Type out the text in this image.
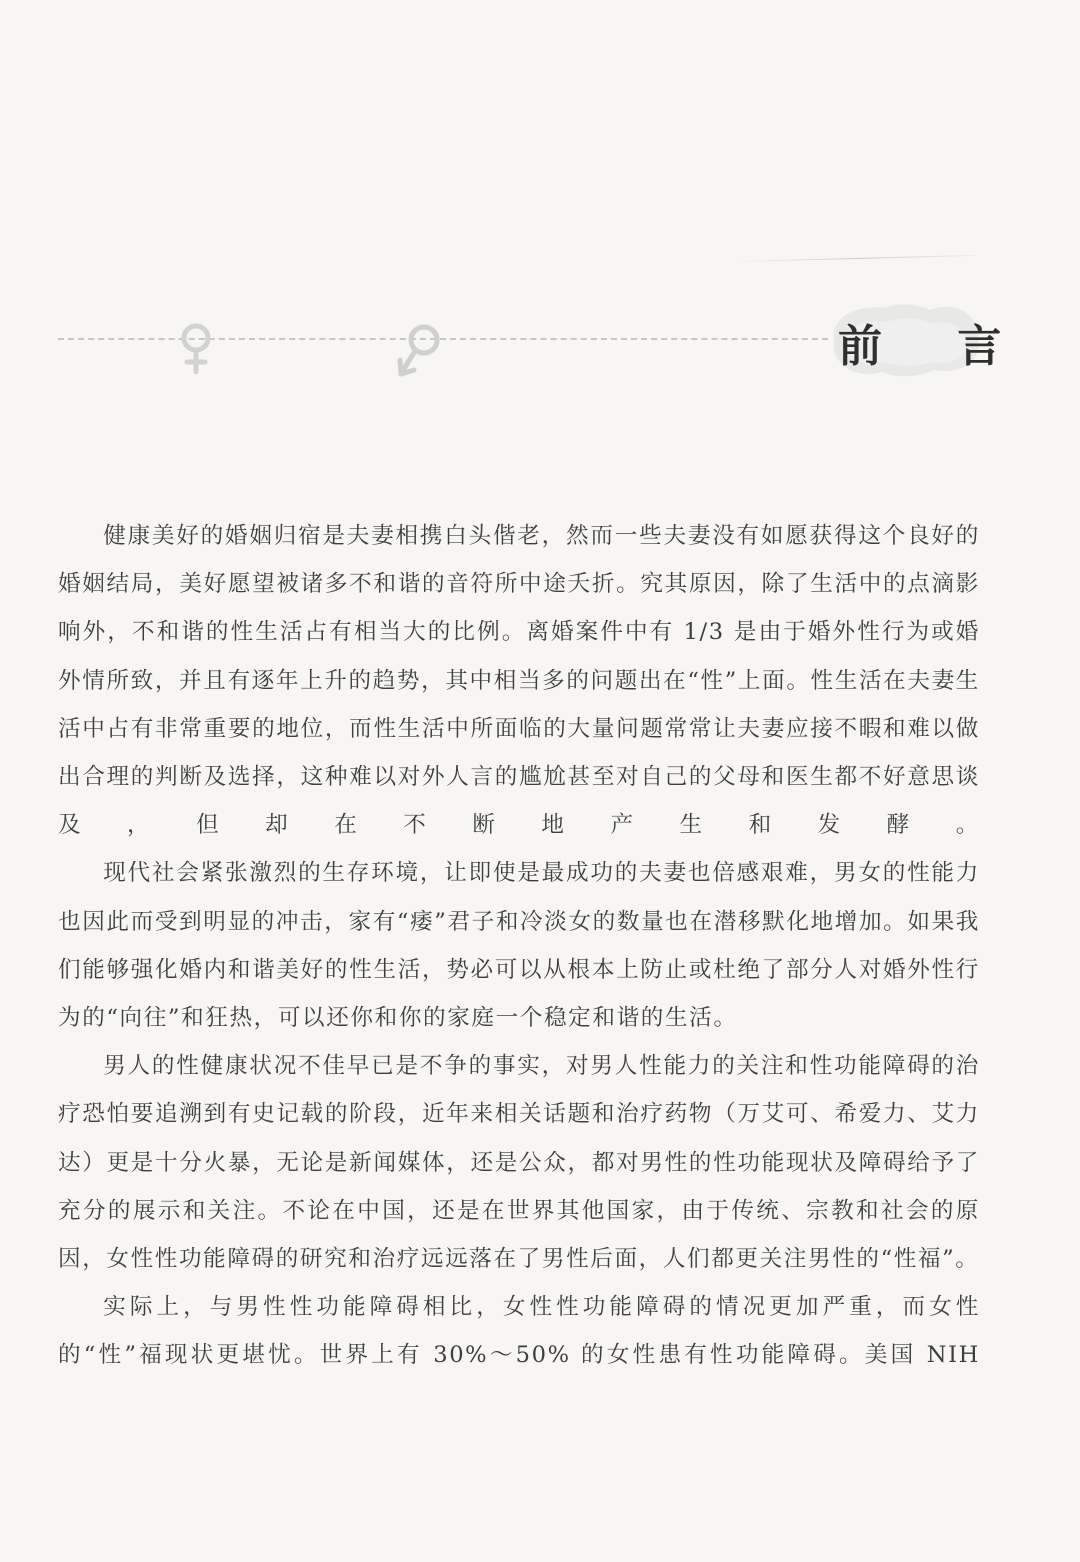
前 言

健康美好的婚姻归宿是夫妻相携白头偕老，然而一些夫妻没有如愿获得这个良好的婚姻结局，美好愿望被诸多不和谐的音符所中途夭折。究其原因，除了生活中的点滴影响外，不和谐的性生活占有相当大的比例。离婚案件中有 1/3 是由于婚外性行为或婚外情所致，并且有逐年上升的趋势，其中相当多的问题出在“性”上面。性生活在夫妻生活中占有非常重要的地位，而性生活中所面临的大量问题常常让夫妻应接不暇和难以做出合理的判断及选择，这种难以对外人言的尴尬甚至对自己的父母和医生都不好意思谈及，但却在不断地产生和发酵。

现代社会紧张激烈的生存环境，让即使是最成功的夫妻也倍感艰难，男女的性能力也因此而受到明显的冲击，家有“痿”君子和冷淡女的数量也在潜移默化地增加。如果我们能够强化婚内和谐美好的性生活，势必可以从根本上防止或杜绝了部分人对婚外性行为的“向往”和狂热，可以还你和你的家庭一个稳定和谐的生活。

男人的性健康状况不佳早已是不争的事实，对男人性能力的关注和性功能障碍的治疗恐怕要追溯到有史记载的阶段，近年来相关话题和治疗药物（万艾可、希爱力、艾力达）更是十分火暴，无论是新闻媒体，还是公众，都对男性的性功能现状及障碍给予了充分的展示和关注。不论在中国，还是在世界其他国家，由于传统、宗教和社会的原因，女性性功能障碍的研究和治疗远远落在了男性后面，人们都更关注男性的“性福”。

实际上，与男性性功能障碍相比，女性性功能障碍的情况更加严重，而女性的“性”福现状更堪忧。世界上有 30%～50% 的女性患有性功能障碍。美国 NIH
